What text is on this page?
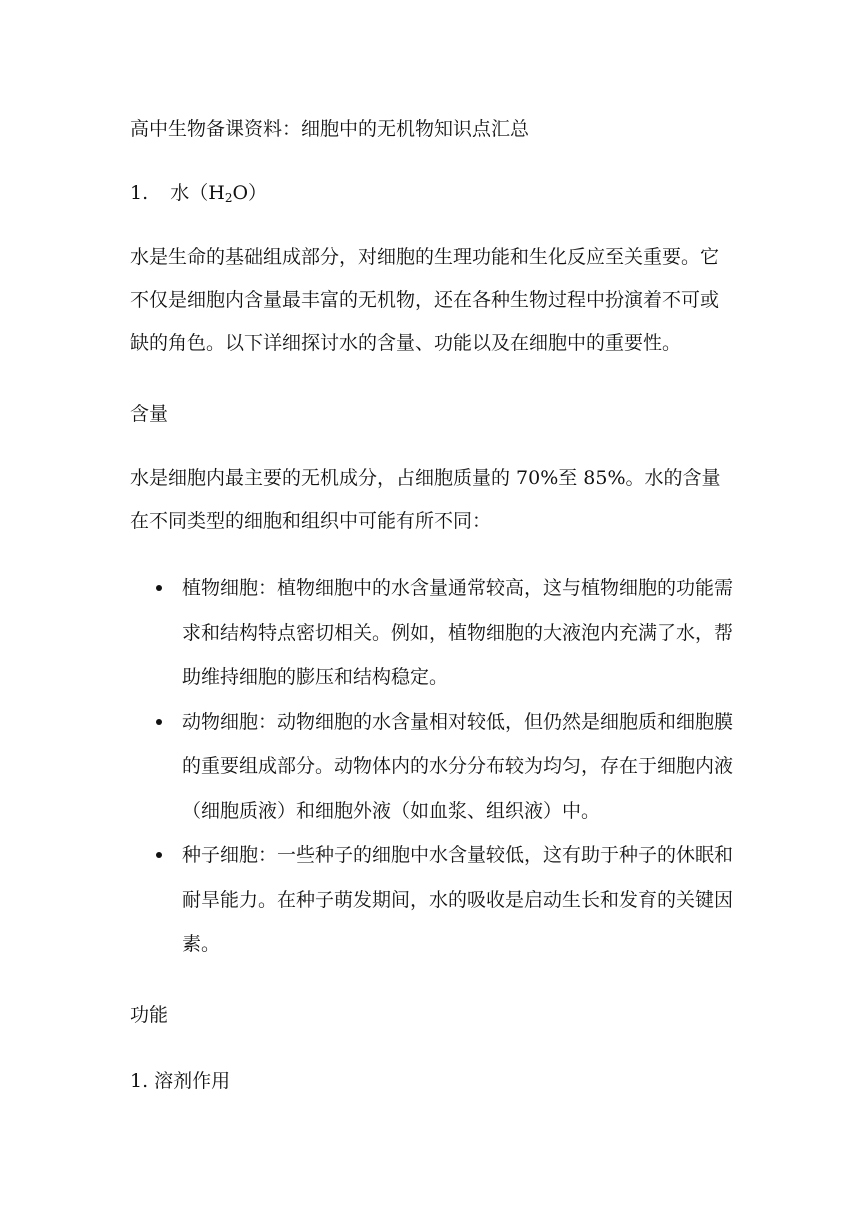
高中生物备课资料：细胞中的无机物知识点汇总
1. 水$(H_2O)$
水是生命的基础组成部分，对细胞的生理功能和生化反应至关重要。它不仅是细胞内含量最丰富的无机物，还在各种生物过程中扮演着不可或缺的角色。以下详细探讨水的含量、功能以及在细胞中的重要性。
含量
水是细胞内最主要的无机成分，占细胞质量的 70%至 85%。水的含量在不同类型的细胞和组织中可能有所不同：
植物细胞：植物细胞中的水含量通常较高，这与植物细胞的功能需求和结构特点密切相关。例如，植物细胞的大液泡内充满了水，帮助维持细胞的膨压和结构稳定。
动物细胞：动物细胞的水含量相对较低，但仍然是细胞质和细胞膜的重要组成部分。动物体内的水分分布较为均匀，存在于细胞内液（细胞质液）和细胞外液（如血浆、组织液）中。
种子细胞：一些种子的细胞中水含量较低，这有助于种子的休眠和耐旱能力。在种子萌发期间，水的吸收是启动生长和发育的关键因素。
功能
1. 溶剂作用
